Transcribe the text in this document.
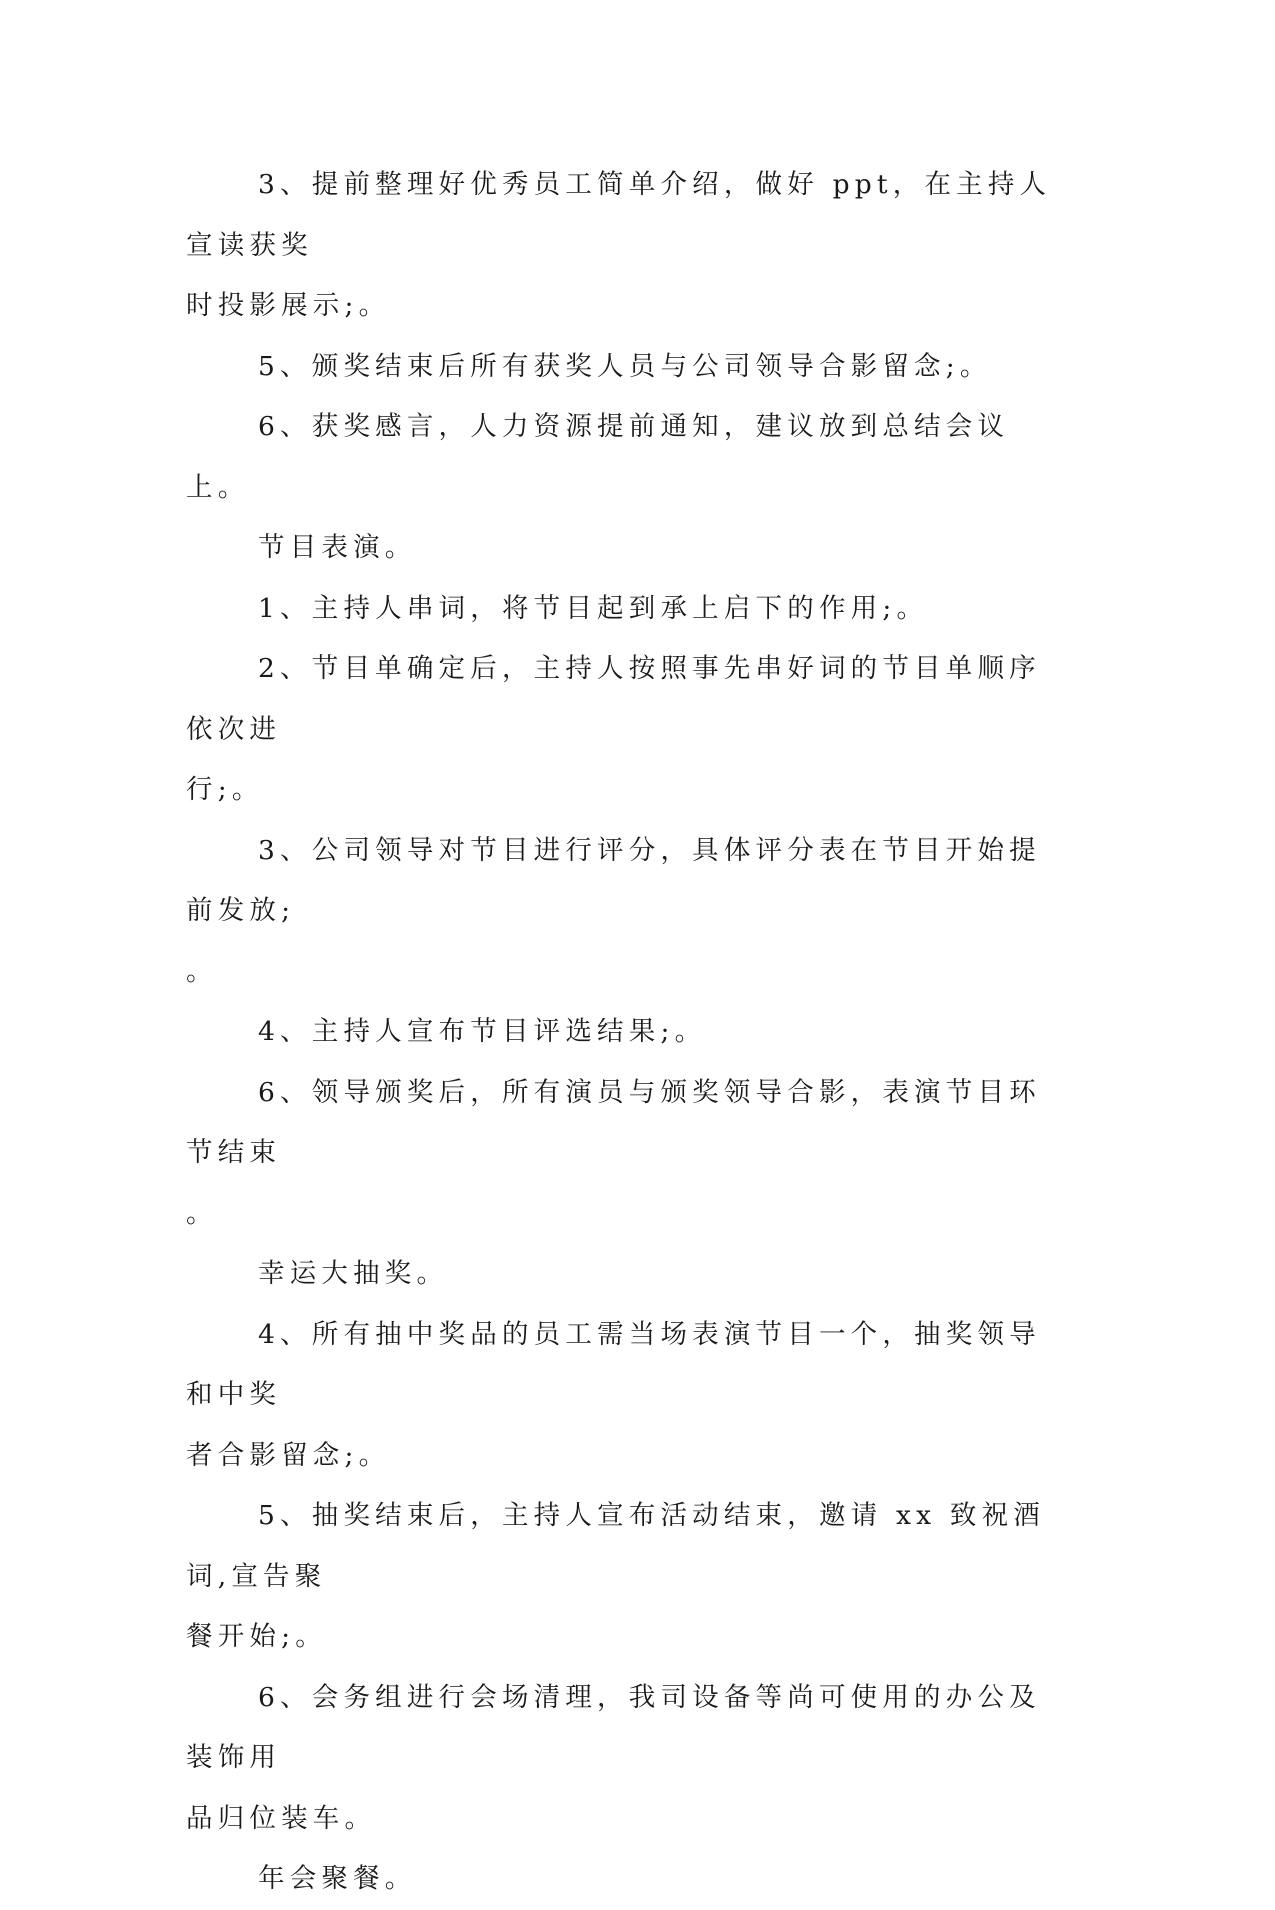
3、提前整理好优秀员工简单介绍，做好 ppt，在主持人宣读获奖
时投影展示;。

5、颁奖结束后所有获奖人员与公司领导合影留念;。

6、获奖感言，人力资源提前通知，建议放到总结会议上。

节目表演。

1、主持人串词，将节目起到承上启下的作用;。

2、节目单确定后，主持人按照事先串好词的节目单顺序依次进
行;。

3、公司领导对节目进行评分，具体评分表在节目开始提前发放;
。

4、主持人宣布节目评选结果;。

6、领导颁奖后，所有演员与颁奖领导合影，表演节目环节结束
。

幸运大抽奖。

4、所有抽中奖品的员工需当场表演节目一个，抽奖领导和中奖
者合影留念;。

5、抽奖结束后，主持人宣布活动结束，邀请 xx 致祝酒词,宣告聚
餐开始;。

6、会务组进行会场清理，我司设备等尚可使用的办公及装饰用
品归位装车。

年会聚餐。
